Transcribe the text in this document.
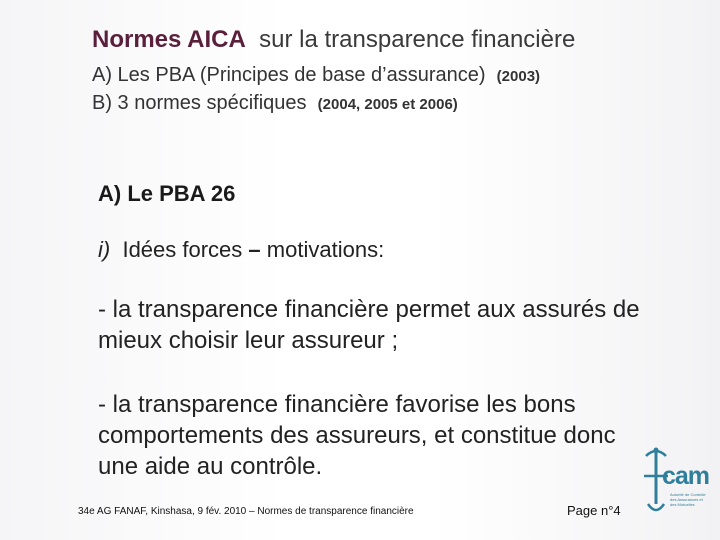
Normes AICA sur la transparence financière
A) Les PBA (Principes de base d’assurance) (2003)
B) 3 normes spécifiques (2004, 2005 et 2006)
A) Le PBA 26
i) Idées forces – motivations:
- la transparence financière permet aux assurés de mieux choisir leur assureur ;
- la transparence financière favorise les bons comportements des assureurs, et constitue donc une aide au contrôle.
34e AG FANAF, Kinshasa, 9 fév. 2010 – Normes de transparence financière	Page n°4
cam
Autorité de Contrôle des Assurances et des Mutuelles
